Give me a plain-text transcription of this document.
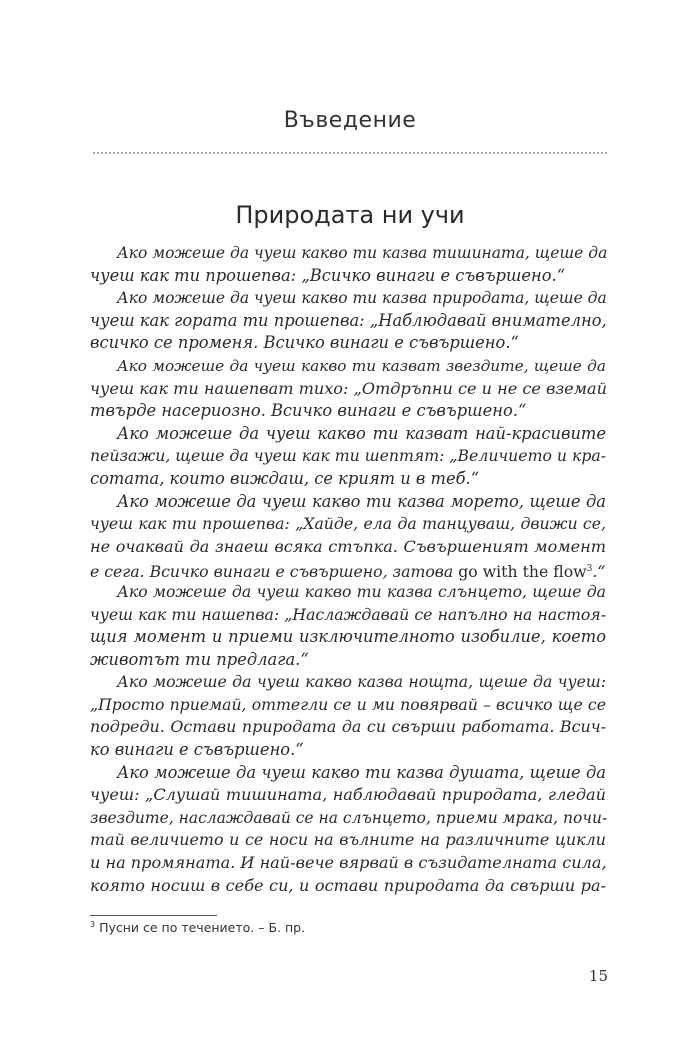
Въведение
Природата ни учи
Ако можеше да чуеш какво ти казва тишината, щеше да
чуеш как ти прошепва: „Всичко винаги е съвършено.“
Ако можеше да чуеш какво ти казва природата, щеше да
чуеш как гората ти прошепва: „Наблюдавай внимателно,
всичко се променя. Всичко винаги е съвършено.“
Ако можеше да чуеш какво ти казват звездите, щеше да
чуеш как ти нашепват тихо: „Отдръпни се и не се вземай
твърде насериозно. Всичко винаги е съвършено.“
Ако можеше да чуеш какво ти казват най-красивите
пейзажи, щеше да чуеш как ти шептят: „Величието и кра-
сотата, които виждаш, се крият и в теб.“
Ако можеше да чуеш какво ти казва морето, щеше да
чуеш как ти прошепва: „Хайде, ела да танцуваш, движи се,
не очаквай да знаеш всяка стъпка. Съвършеният момент
е сега. Всичко винаги е съвършено, затова go with the flow$^3$.“
Ако можеше да чуеш какво ти казва слънцето, щеше да
чуеш как ти нашепва: „Наслаждавай се напълно на настоя-
щия момент и приеми изключителното изобилие, което
животът ти предлага.“
Ако можеше да чуеш какво казва нощта, щеше да чуеш:
„Просто приемай, оттегли се и ми повярвай – всичко ще се
подреди. Остави природата да си свърши работата. Всич-
ко винаги е съвършено.“
Ако можеше да чуеш какво ти казва душата, щеше да
чуеш: „Слушай тишината, наблюдавай природата, гледай
звездите, наслаждавай се на слънцето, приеми мрака, почи-
тай величието и се носи на вълните на различните цикли
и на промяната. И най-вече вярвай в съзидателната сила,
която носиш в себе си, и остави природата да свърши ра-
$^3$ Пусни се по течението. – Б. пр.
15
